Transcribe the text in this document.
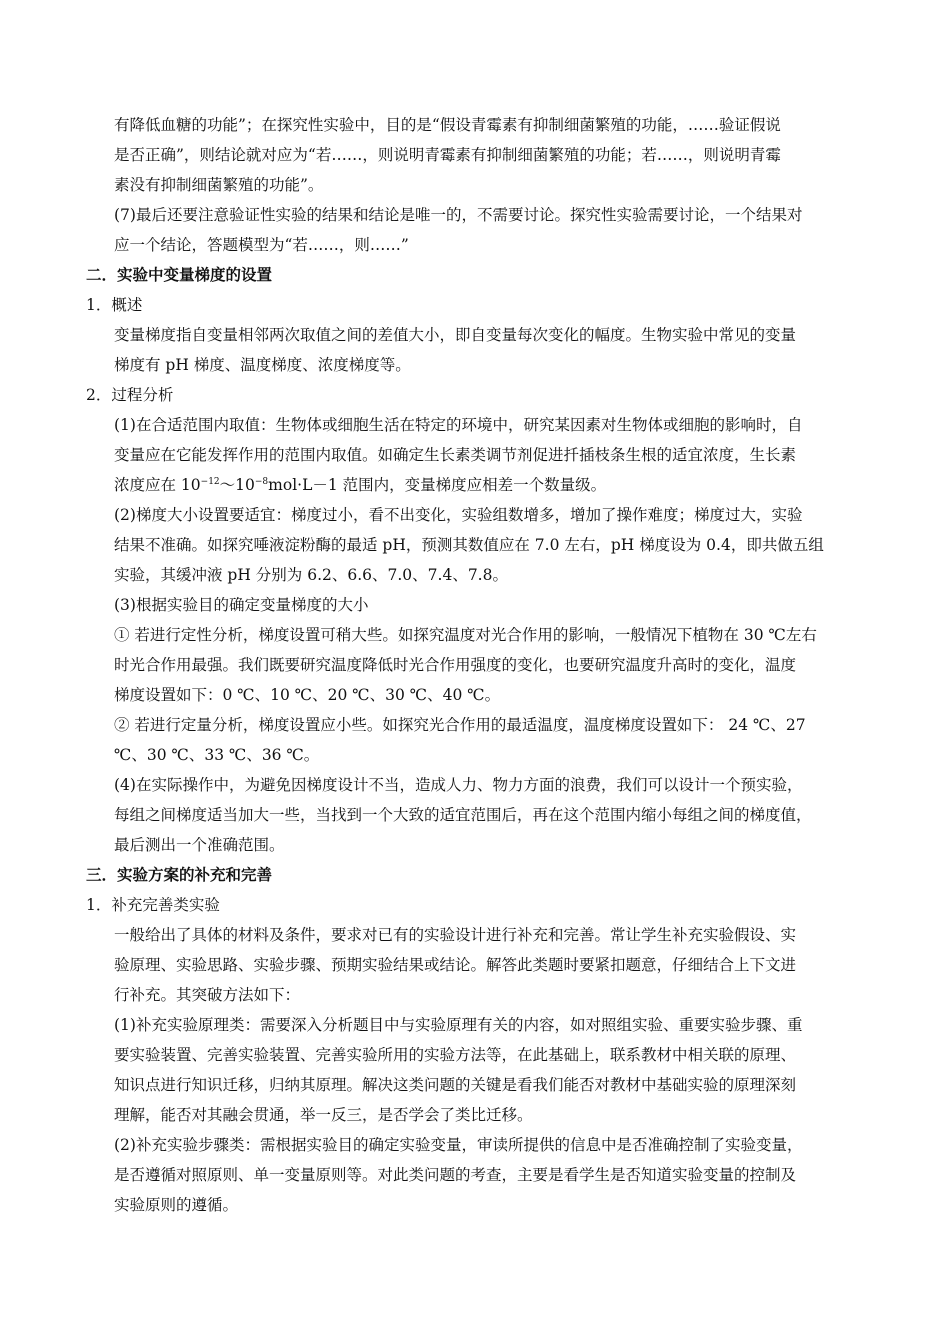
有降低血糖的功能”；在探究性实验中，目的是“假设青霉素有抑制细菌繁殖的功能，……验证假说
是否正确”，则结论就对应为“若……，则说明青霉素有抑制细菌繁殖的功能；若……，则说明青霉
素没有抑制细菌繁殖的功能”。
(7)最后还要注意验证性实验的结果和结论是唯一的，不需要讨论。探究性实验需要讨论，一个结果对
应一个结论，答题模型为“若……，则……”
二．实验中变量梯度的设置
1．概述
变量梯度指自变量相邻两次取值之间的差值大小，即自变量每次变化的幅度。生物实验中常见的变量
梯度有 pH 梯度、温度梯度、浓度梯度等。
2．过程分析
(1)在合适范围内取值：生物体或细胞生活在特定的环境中，研究某因素对生物体或细胞的影响时，自
变量应在它能发挥作用的范围内取值。如确定生长素类调节剂促进扦插枝条生根的适宜浓度，生长素
浓度应在 $10^{-12}\sim 10^{-8}mol\cdot L-1$ 范围内，变量梯度应相差一个数量级。
(2)梯度大小设置要适宜：梯度过小，看不出变化，实验组数增多，增加了操作难度；梯度过大，实验
结果不准确。如探究唾液淀粉酶的最适 pH，预测其数值应在 7.0 左右，pH 梯度设为 0.4，即共做五组
实验，其缓冲液 pH 分别为 6.2、6.6、7.0、7.4、7.8。
(3)根据实验目的确定变量梯度的大小
① 若进行定性分析，梯度设置可稍大些。如探究温度对光合作用的影响，一般情况下植物在 30 ℃左右
时光合作用最强。我们既要研究温度降低时光合作用强度的变化，也要研究温度升高时的变化，温度
梯度设置如下：0 ℃、10 ℃、20 ℃、30 ℃、40 ℃。
② 若进行定量分析，梯度设置应小些。如探究光合作用的最适温度，温度梯度设置如下： 24 ℃、27
℃、30 ℃、33 ℃、36 ℃。
(4)在实际操作中，为避免因梯度设计不当，造成人力、物力方面的浪费，我们可以设计一个预实验，
每组之间梯度适当加大一些，当找到一个大致的适宜范围后，再在这个范围内缩小每组之间的梯度值，
最后测出一个准确范围。
三．实验方案的补充和完善
1．补充完善类实验
一般给出了具体的材料及条件，要求对已有的实验设计进行补充和完善。常让学生补充实验假设、实
验原理、实验思路、实验步骤、预期实验结果或结论。解答此类题时要紧扣题意，仔细结合上下文进
行补充。其突破方法如下：
(1)补充实验原理类：需要深入分析题目中与实验原理有关的内容，如对照组实验、重要实验步骤、重
要实验装置、完善实验装置、完善实验所用的实验方法等，在此基础上，联系教材中相关联的原理、
知识点进行知识迁移，归纳其原理。解决这类问题的关键是看我们能否对教材中基础实验的原理深刻
理解，能否对其融会贯通，举一反三，是否学会了类比迁移。
(2)补充实验步骤类：需根据实验目的确定实验变量，审读所提供的信息中是否准确控制了实验变量，
是否遵循对照原则、单一变量原则等。对此类问题的考查，主要是看学生是否知道实验变量的控制及
实验原则的遵循。
